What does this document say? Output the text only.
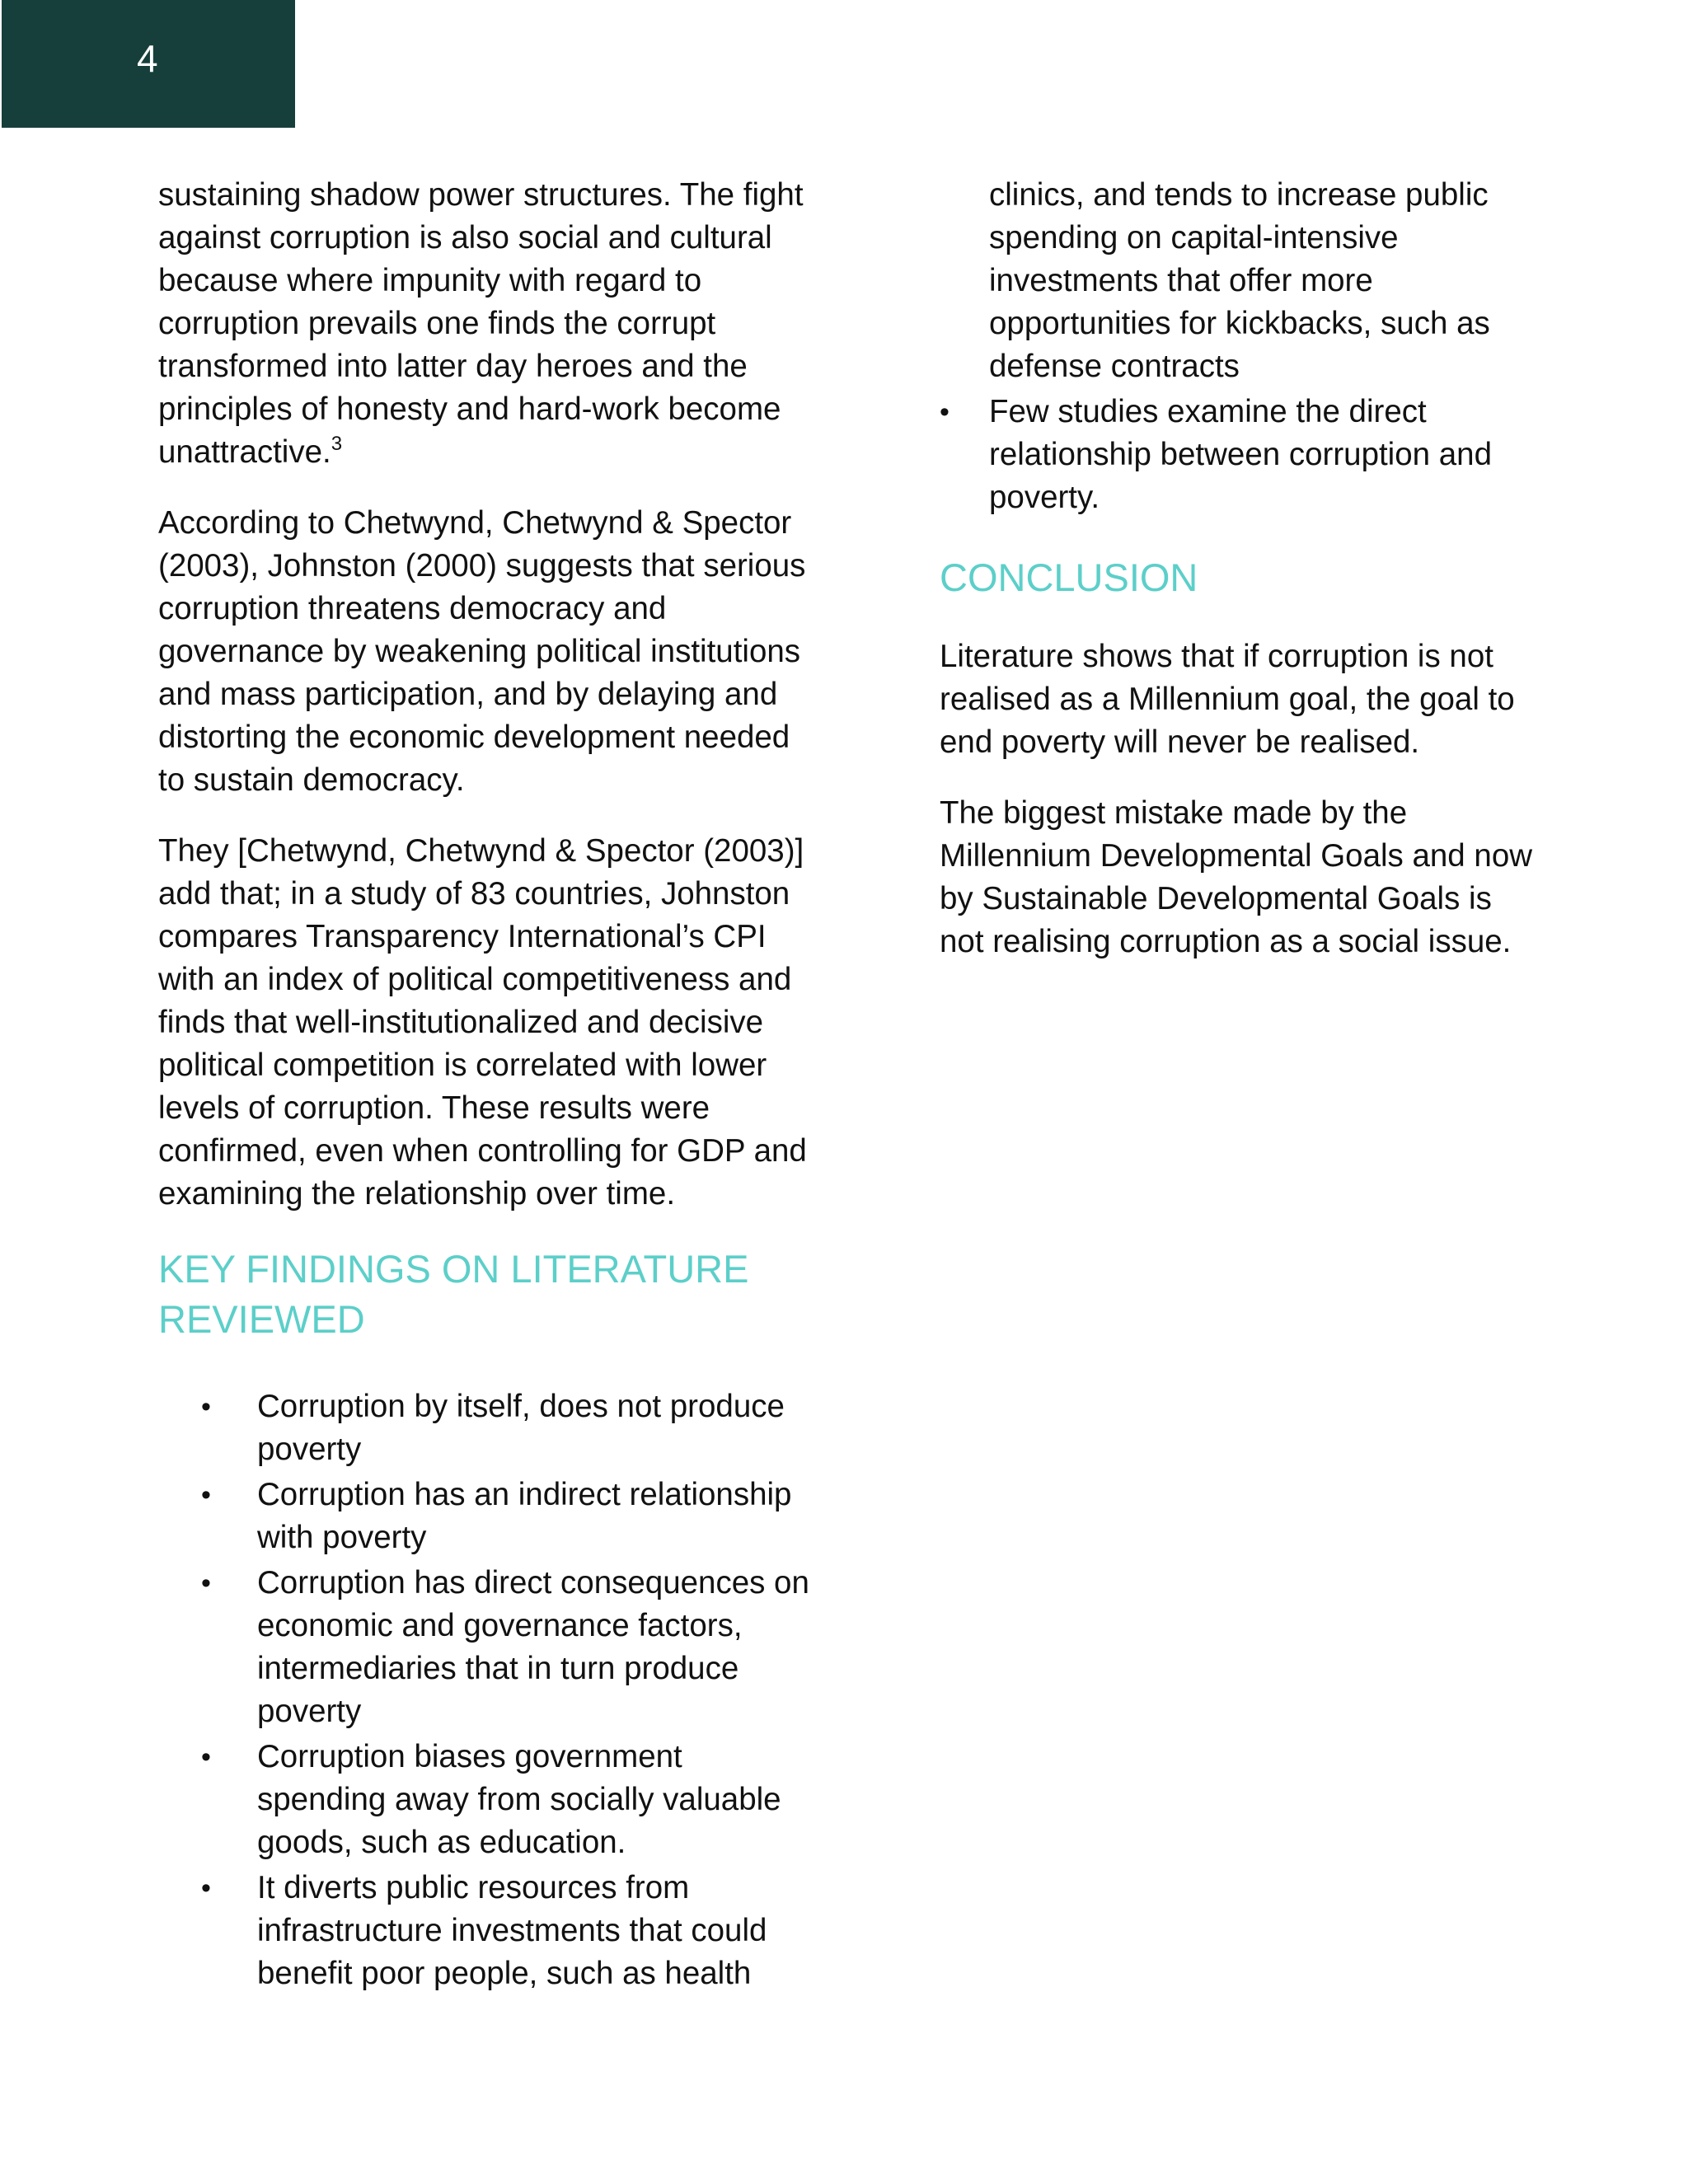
4

sustaining shadow power structures. The fight against corruption is also social and cultural because where impunity with regard to corruption prevails one finds the corrupt transformed into latter day heroes and the principles of honesty and hard-work become unattractive.$^3$

According to Chetwynd, Chetwynd & Spector (2003), Johnston (2000) suggests that serious corruption threatens democracy and governance by weakening political institutions and mass participation, and by delaying and distorting the economic development needed to sustain democracy.

They [Chetwynd, Chetwynd & Spector (2003)] add that; in a study of 83 countries, Johnston compares Transparency International’s CPI with an index of political competitiveness and finds that well-institutionalized and decisive political competition is correlated with lower levels of corruption. These results were confirmed, even when controlling for GDP and examining the relationship over time.

KEY FINDINGS ON LITERATURE REVIEWED
• Corruption by itself, does not produce poverty
• Corruption has an indirect relationship with poverty
• Corruption has direct consequences on economic and governance factors, intermediaries that in turn produce poverty
• Corruption biases government spending away from socially valuable goods, such as education.
• It diverts public resources from infrastructure investments that could benefit poor people, such as health
clinics, and tends to increase public spending on capital-intensive investments that offer more opportunities for kickbacks, such as defense contracts
• Few studies examine the direct relationship between corruption and poverty.
CONCLUSION

Literature shows that if corruption is not realised as a Millennium goal, the goal to end poverty will never be realised.

The biggest mistake made by the Millennium Developmental Goals and now by Sustainable Developmental Goals is not realising corruption as a social issue.
